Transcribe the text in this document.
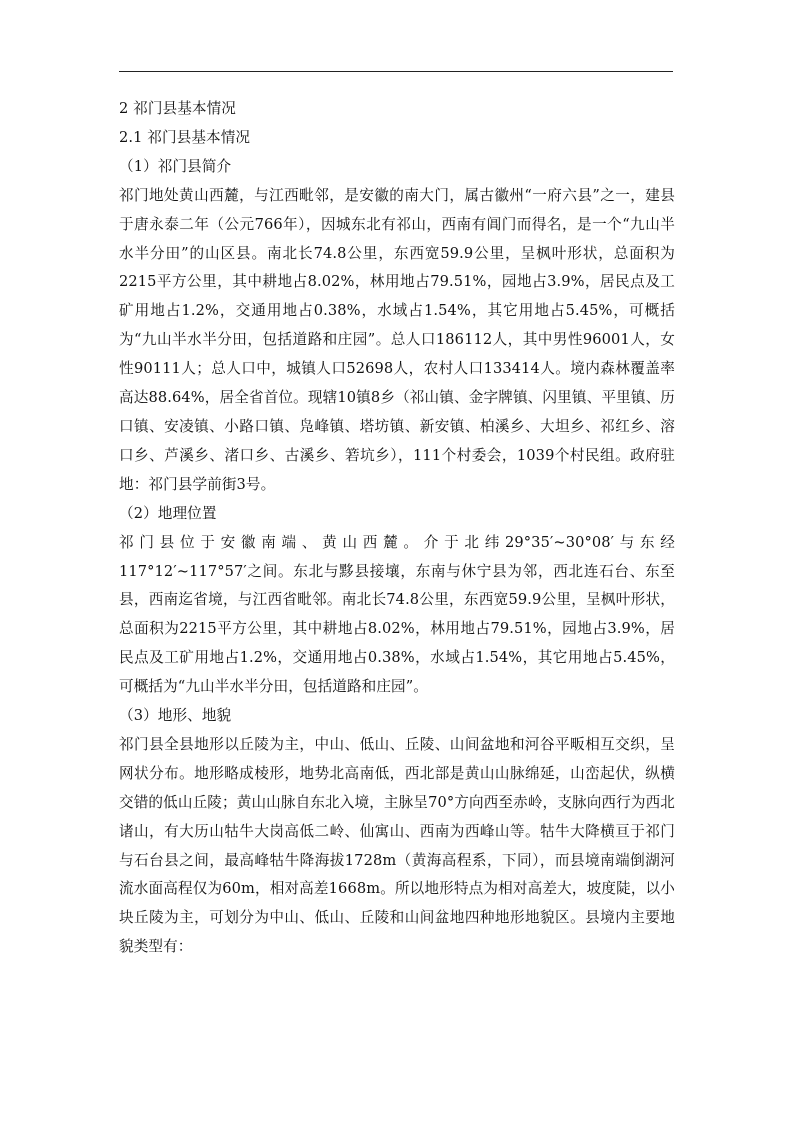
2 祁门县基本情况

2.1 祁门县基本情况

（1）祁门县简介

祁门地处黄山西麓，与江西毗邻，是安徽的南大门，属古徽州“一府六县”之一，建县于唐永泰二年（公元766年），因城东北有祁山，西南有阊门而得名，是一个“九山半水半分田”的山区县。南北长74.8公里，东西宽59.9公里，呈枫叶形状，总面积为2215平方公里，其中耕地占8.02%，林用地占79.51%，园地占3.9%，居民点及工矿用地占1.2%，交通用地占0.38%，水域占1.54%，其它用地占5.45%，可概括为“九山半水半分田，包括道路和庄园”。总人口186112人，其中男性96001人，女性90111人；总人口中，城镇人口52698人，农村人口133414人。境内森林覆盖率高达88.64%，居全省首位。现辖10镇8乡（祁山镇、金字牌镇、闪里镇、平里镇、历口镇、安凌镇、小路口镇、凫峰镇、塔坊镇、新安镇、柏溪乡、大坦乡、祁红乡、溶口乡、芦溪乡、渚口乡、古溪乡、箬坑乡），111个村委会，1039个村民组。政府驻地：祁门县学前街3号。

（2）地理位置

祁门县位于安徽南端、黄山西麓。介于北纬29°35′~30°08′与东经117°12′~117°57′之间。东北与黟县接壤，东南与休宁县为邻，西北连石台、东至县，西南迄省境，与江西省毗邻。南北长74.8公里，东西宽59.9公里，呈枫叶形状，总面积为2215平方公里，其中耕地占8.02%，林用地占79.51%，园地占3.9%，居民点及工矿用地占1.2%，交通用地占0.38%，水域占1.54%，其它用地占5.45%，可概括为“九山半水半分田，包括道路和庄园”。

（3）地形、地貌

祁门县全县地形以丘陵为主，中山、低山、丘陵、山间盆地和河谷平畈相互交织，呈网状分布。地形略成棱形，地势北高南低，西北部是黄山山脉绵延，山峦起伏，纵横交错的低山丘陵；黄山山脉自东北入境，主脉呈70°方向西至赤岭，支脉向西行为西北诸山，有大历山牯牛大岗高低二岭、仙寓山、西南为西峰山等。牯牛大降横亘于祁门与石台县之间，最高峰牯牛降海拔1728m（黄海高程系，下同），而县境南端倒湖河流水面高程仅为60m，相对高差1668m。所以地形特点为相对高差大，坡度陡，以小块丘陵为主，可划分为中山、低山、丘陵和山间盆地四种地形地貌区。县境内主要地貌类型有：
